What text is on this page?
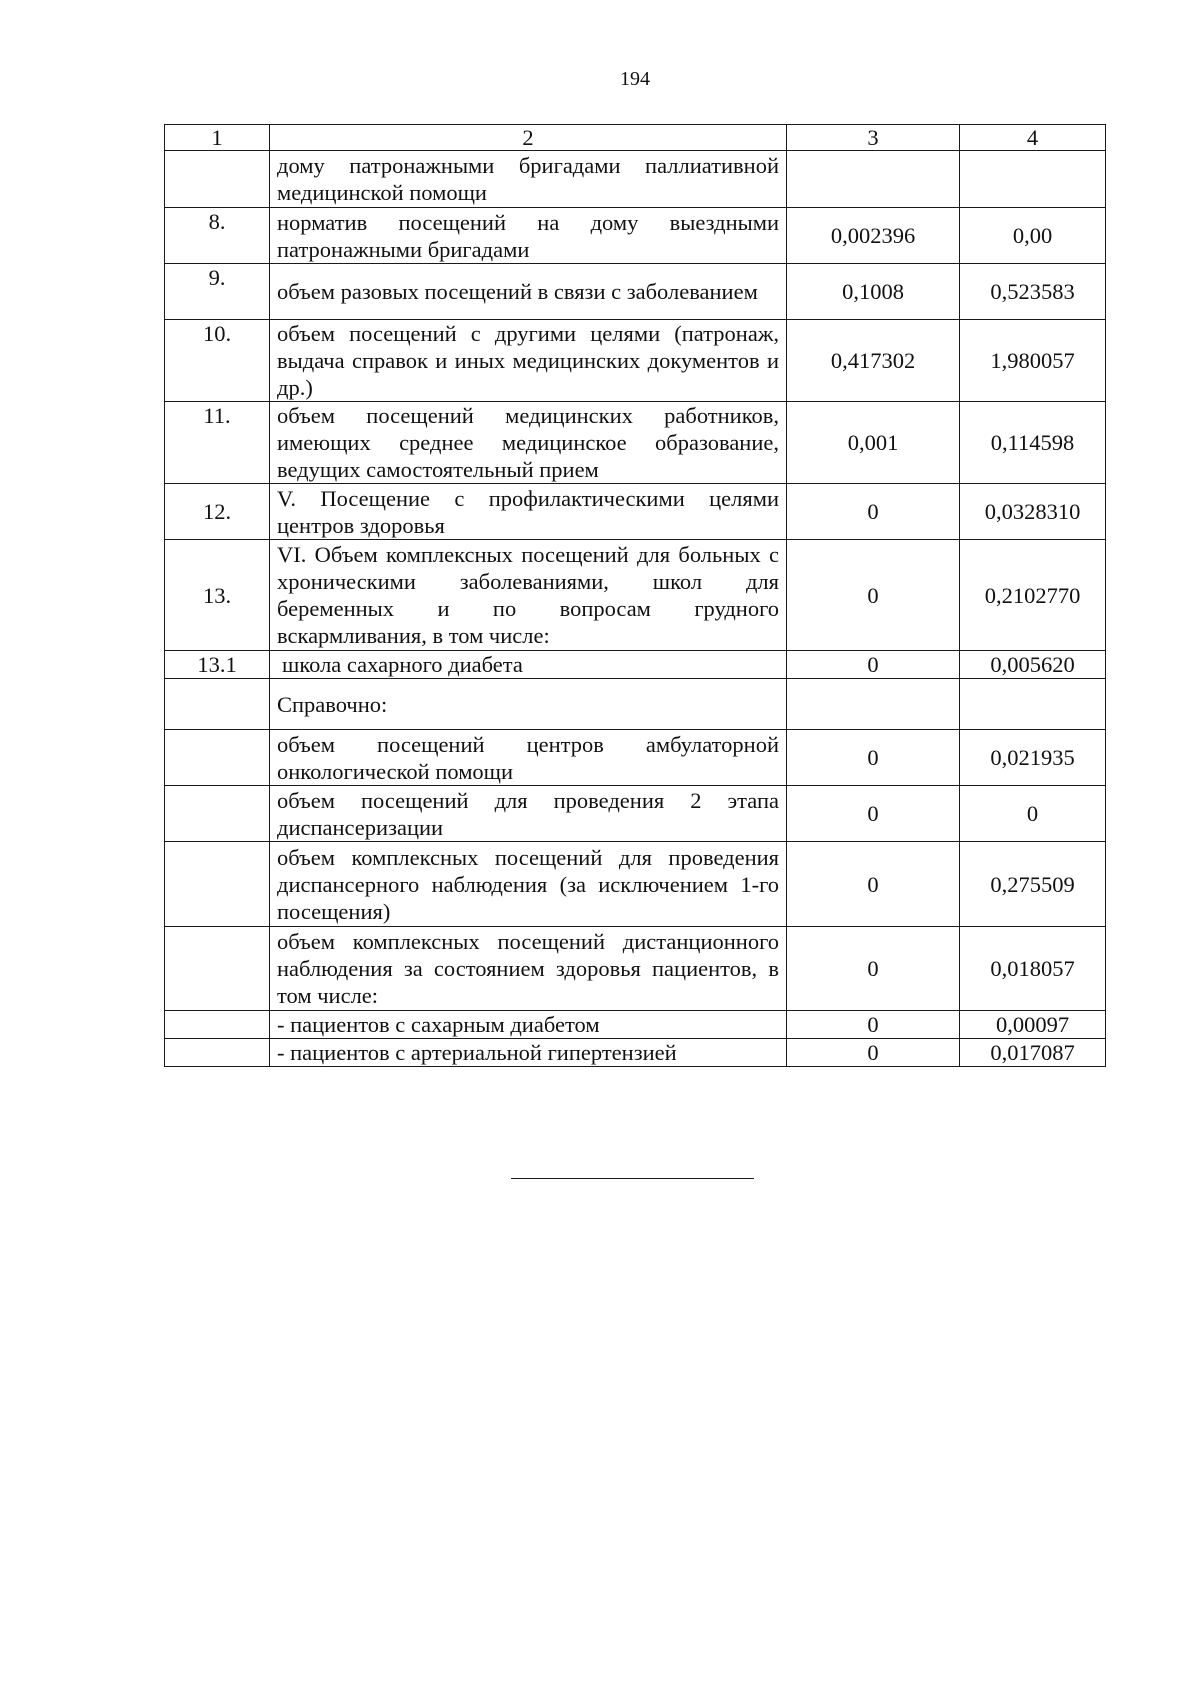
194
1	2	3	4
	дому патронажными бригадами паллиативной медицинской помощи		
8.	норматив посещений на дому выездными патронажными бригадами	0,002396	0,00
9.	объем разовых посещений в связи с заболеванием	0,1008	0,523583
10.	объем посещений с другими целями (патронаж, выдача справок и иных медицинских документов и др.)	0,417302	1,980057
11.	объем посещений медицинских работников, имеющих среднее медицинское образование, ведущих самостоятельный прием	0,001	0,114598
12.	V. Посещение с профилактическими целями центров здоровья	0	0,0328310
13.	VI. Объем комплексных посещений для больных с хроническими заболеваниями, школ для беременных и по вопросам грудного вскармливания, в том числе:	0	0,2102770
13.1	школа сахарного диабета	0	0,005620
	Справочно:		
	объем посещений центров амбулаторной онкологической помощи	0	0,021935
	объем посещений для проведения 2 этапа диспансеризации	0	0
	объем комплексных посещений для проведения диспансерного наблюдения (за исключением 1-го посещения)	0	0,275509
	объем комплексных посещений дистанционного наблюдения за состоянием здоровья пациентов, в том числе:	0	0,018057
	- пациентов с сахарным диабетом	0	0,00097
	- пациентов с артериальной гипертензией	0	0,017087
